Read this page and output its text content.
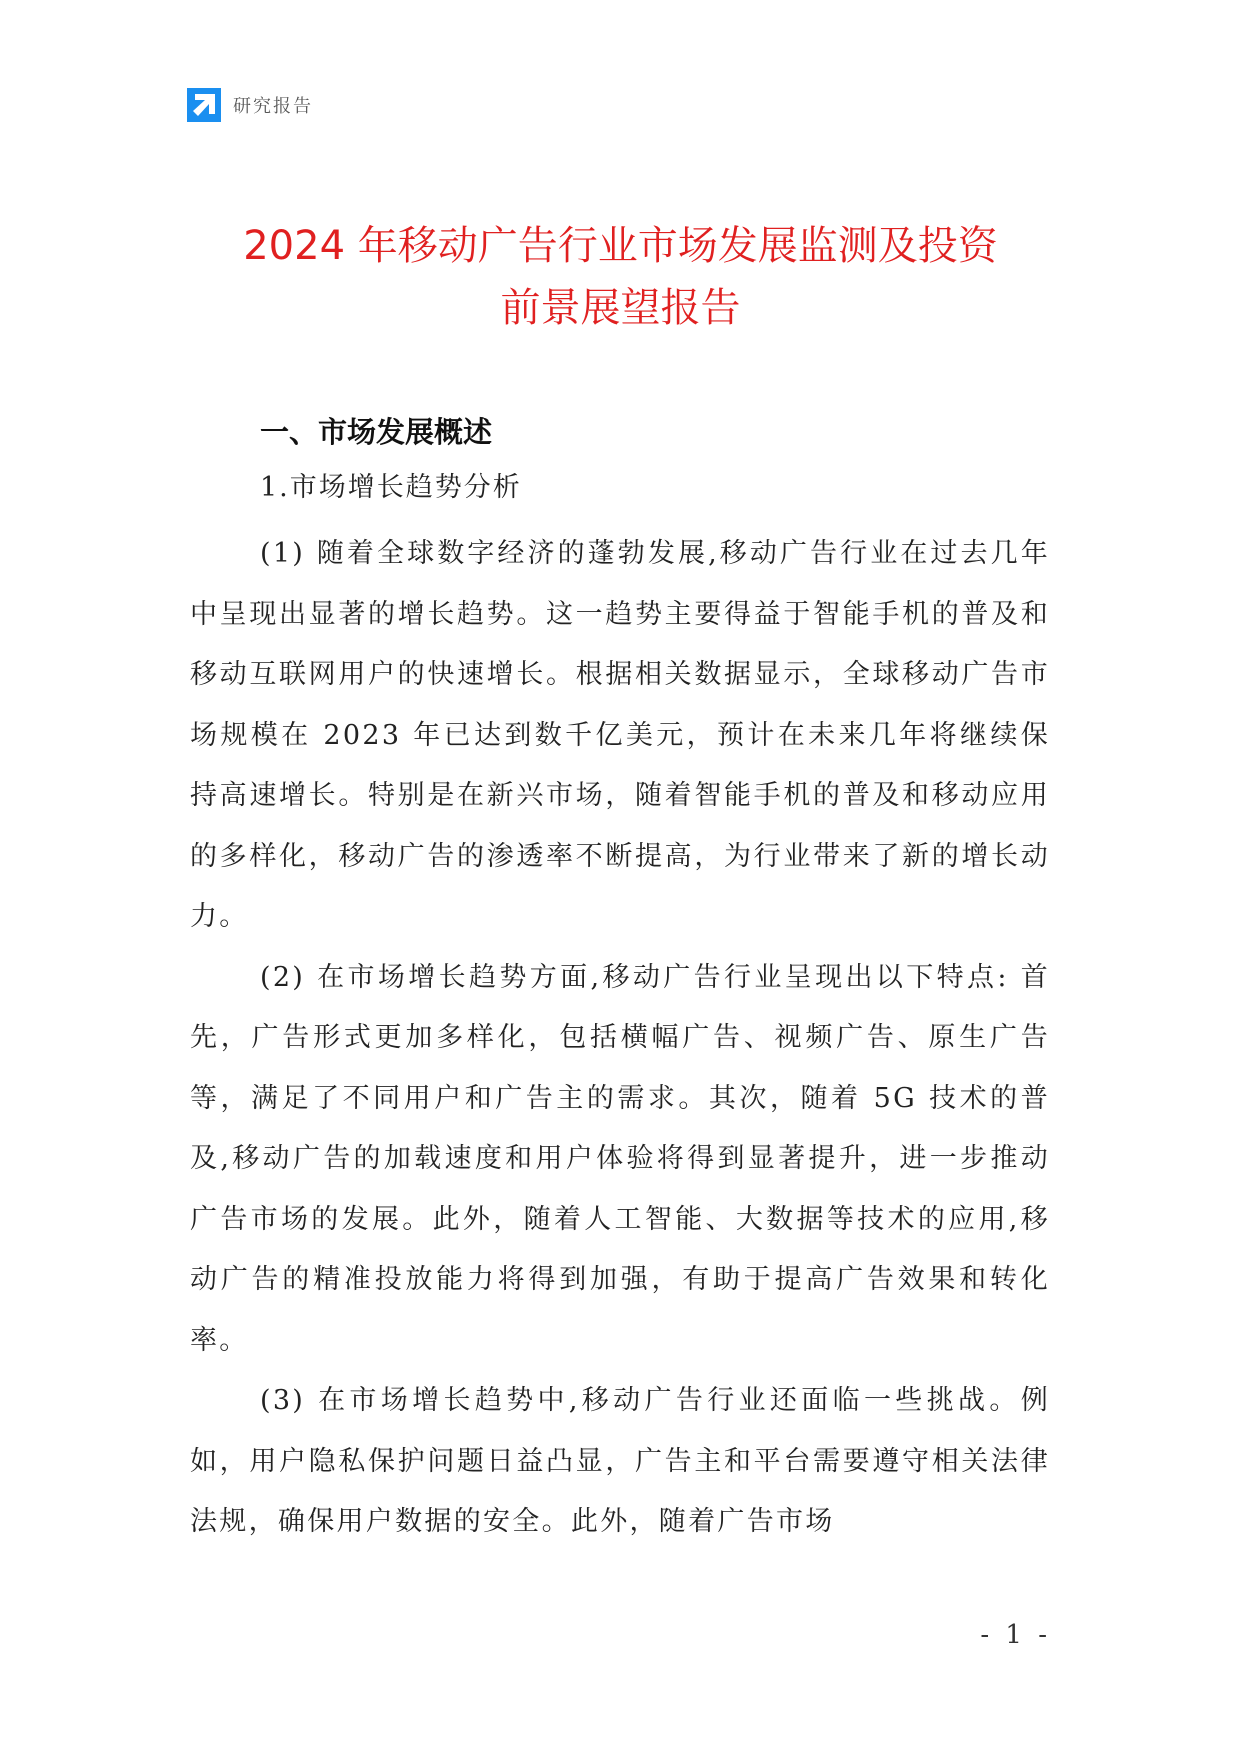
研究报告
2024 年移动广告行业市场发展监测及投资
前景展望报告
一、市场发展概述
1.市场增长趋势分析

(1) 随着全球数字经济的蓬勃发展,移动广告行业在过去几年中呈现出显著的增长趋势。这一趋势主要得益于智能手机的普及和移动互联网用户的快速增长。根据相关数据显示，全球移动广告市场规模在 2023 年已达到数千亿美元，预计在未来几年将继续保持高速增长。特别是在新兴市场，随着智能手机的普及和移动应用的多样化，移动广告的渗透率不断提高，为行业带来了新的增长动力。

(2) 在市场增长趋势方面,移动广告行业呈现出以下特点: 首先，广告形式更加多样化，包括横幅广告、视频广告、原生广告等，满足了不同用户和广告主的需求。其次，随着 5G 技术的普及,移动广告的加载速度和用户体验将得到显著提升，进一步推动广告市场的发展。此外，随着人工智能、大数据等技术的应用,移动广告的精准投放能力将得到加强，有助于提高广告效果和转化率。

(3) 在市场增长趋势中,移动广告行业还面临一些挑战。例如，用户隐私保护问题日益凸显，广告主和平台需要遵守相关法律法规，确保用户数据的安全。此外，随着广告市场

- 1 -
